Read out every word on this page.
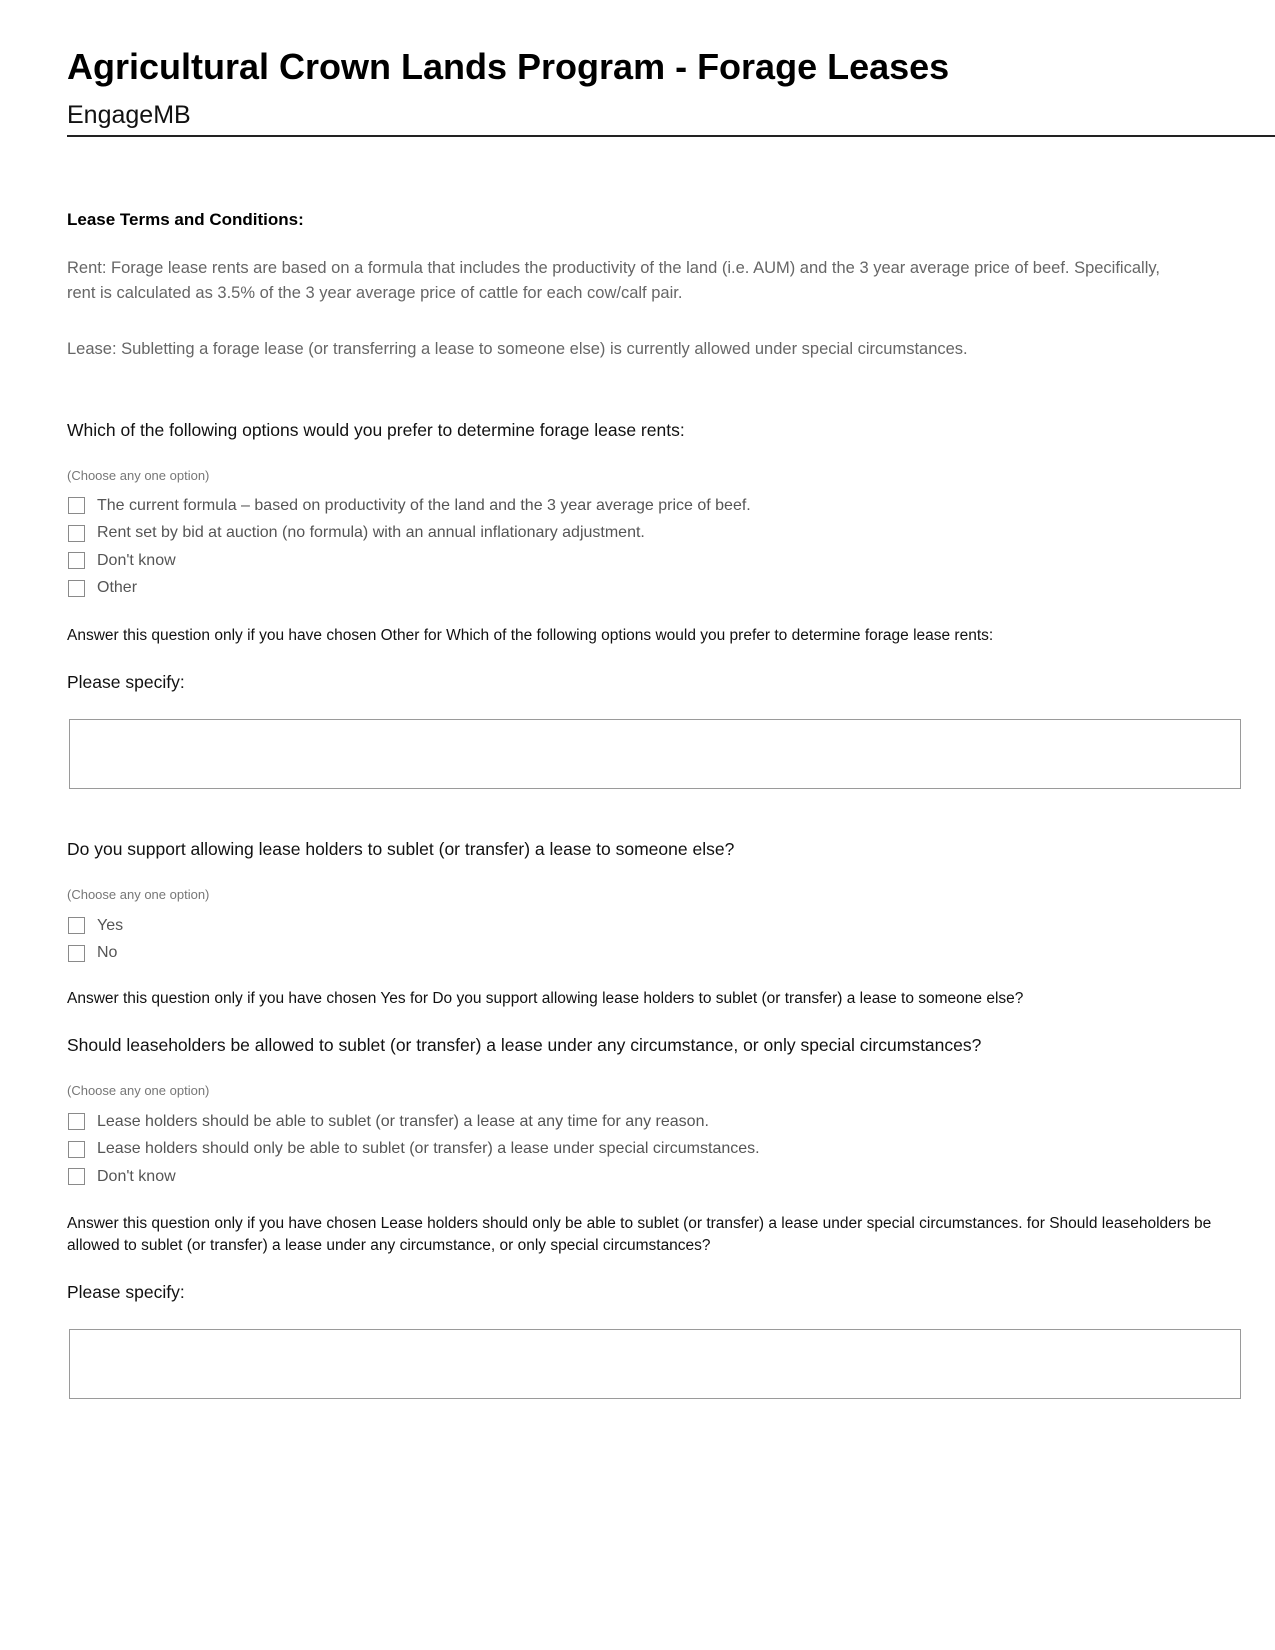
Agricultural Crown Lands Program - Forage Leases
EngageMB
Lease Terms and Conditions:
Rent: Forage lease rents are based on a formula that includes the productivity of the land (i.e. AUM) and the 3 year average price of beef. Specifically, rent is calculated as 3.5% of the 3 year average price of cattle for each cow/calf pair.
Lease: Subletting a forage lease (or transferring a lease to someone else) is currently allowed under special circumstances.
Which of the following options would you prefer to determine forage lease rents:
(Choose any one option)
The current formula – based on productivity of the land and the 3 year average price of beef.
Rent set by bid at auction (no formula) with an annual inflationary adjustment.
Don't know
Other
Answer this question only if you have chosen Other for Which of the following options would you prefer to determine forage lease rents:
Please specify:
Do you support allowing lease holders to sublet (or transfer) a lease to someone else?
(Choose any one option)
Yes
No
Answer this question only if you have chosen Yes for Do you support allowing lease holders to sublet (or transfer) a lease to someone else?
Should leaseholders be allowed to sublet (or transfer) a lease under any circumstance, or only special circumstances?
(Choose any one option)
Lease holders should be able to sublet (or transfer) a lease at any time for any reason.
Lease holders should only be able to sublet (or transfer) a lease under special circumstances.
Don't know
Answer this question only if you have chosen Lease holders should only be able to sublet (or transfer) a lease under special circumstances. for Should leaseholders be allowed to sublet (or transfer) a lease under any circumstance, or only special circumstances?
Please specify:
